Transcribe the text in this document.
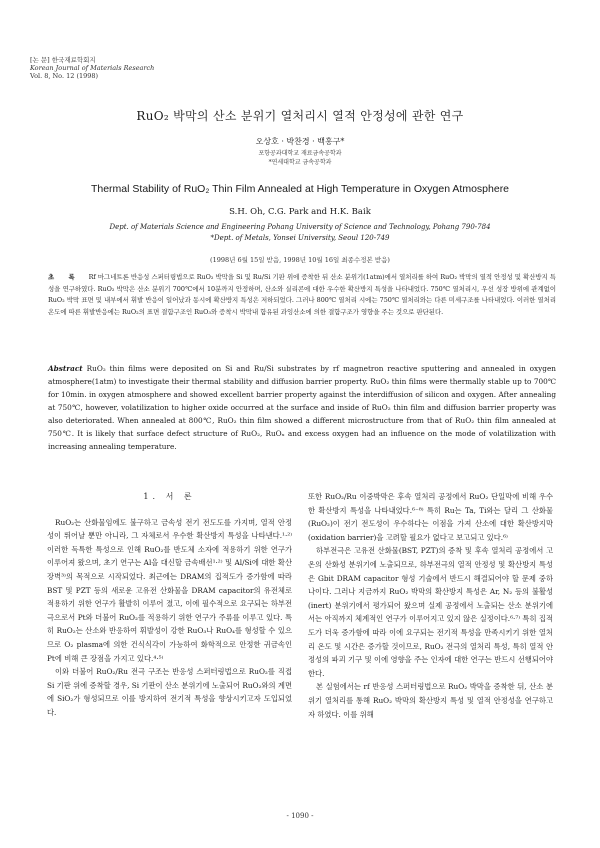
[논 문] 한국재료학회지
Korean Journal of Materials Research
Vol. 8, No. 12 (1998)
RuO₂ 박막의 산소 분위기 열처리시 열적 안정성에 관한 연구
오상호 · 박찬경 · 백홍구*
포항공과대학교 재료금속공학과
*연세대학교 금속공학과
Thermal Stability of RuO₂ Thin Film Annealed at High Temperature in Oxygen Atmosphere
S.H. Oh, C.G. Park and H.K. Baik
Dept. of Materials Science and Engineering Pohang University of Science and Technology, Pohang 790-784
*Dept. of Metals, Yonsei University, Seoul 120-749
(1998년 6월 15일 받음, 1998년 10월 16일 최종수정본 받음)
초 록 Rf 마그네트론 반응성 스퍼터링법으로 RuO₂ 박막을 Si 및 Ru/Si 기판 위에 증착한 뒤 산소 분위기(1atm)에서 열처리를 하여 RuO₂ 박막의 열적 안정성 및 확산방지 특성을 연구하였다. RuO₂ 박막은 산소 분위기 700℃에서 10분까지 안정하며, 산소와 실리콘에 대한 우수한 확산방지 특성을 나타내었다. 750℃ 열처리시, 우선 성장 방위에 관계없이 RuO₂ 박막 표면 및 내부에서 휘발 반응이 일어났과 동시에 확산방지 특성은 저하되었다. 그러나 800℃ 열처리 시에는 750℃ 열처리와는 다른 미세구조를 나타내었다. 이러한 열처리 온도에 따른 휘발반응에는 RuO₂의 표면 결함구조인 RuO₃와 증착시 박막내 함유된 과잉산소에 의한 결함구조가 영향을 주는 것으로 판단된다.
Abstract RuO₂ thin films were deposited on Si and Ru/Si substrates by rf magnetron reactive sputtering and annealed in oxygen atmosphere(1atm) to investigate their thermal stability and diffusion barrier property. RuO₂ thin films were thermally stable up to 700℃ for 10min. in oxygen atmosphere and showed excellent barrier property against the interdiffusion of silicon and oxygen. After annealing at 750℃, however, volatilization to higher oxide occurred at the surface and inside of RuO₂ thin film and diffusion barrier property was also deteriorated. When annealed at 800℃, RuO₂ thin film showed a different microstructure from that of RuO₂ thin film annealed at 750℃. It is likely that surface defect structure of RuO₂, RuOₓ and excess oxygen had an influence on the mode of volatilization with increasing annealing temperature.
1. 서 론

RuO₂는 산화물임에도 불구하고 금속성 전기 전도도를 가지며, 열적 안정성이 뛰어날 뿐만 아니라, 그 자체로서 우수한 확산방지 특성을 나타낸다.¹·²⁾ 이러한 독특한 특성으로 인해 RuO₂를 반도체 소자에 적용하기 위한 연구가 이루어져 왔으며, 초기 연구는 Al을 대신할 금속배선¹·²⁾ 및 Al/Si에 대한 확산장벽³⁾의 목적으로 시작되었다. 최근에는 DRAM의 집적도가 증가함에 따라 BST 및 PZT 등의 새로운 고유전 산화물을 DRAM capacitor의 유전체로 적용하기 위한 연구가 활발히 이루어 졌고, 이에 필수적으로 요구되는 하부전극으로서 Pt와 더불어 RuO₂를 적용하기 위한 연구가 주류를 이루고 있다. 특히 RuO₂는 산소와 반응하여 휘발성이 강한 RuO₃나 RuO₄를 형성할 수 있으므로 O₂ plasma에 의한 건식식각이 가능하여 화학적으로 안정한 귀금속인 Pt에 비해 큰 장점을 가지고 있다.⁴·⁵⁾

이와 더불어 RuO₂/Ru 전극 구조는 반응성 스퍼터링법으로 RuO₂를 직접 Si 기판 위에 증착할 경우, Si 기판이 산소 분위기에 노출되어 RuO₂와의 계면에 SiO₂가 형성되므로 이를 방지하여 전기적 특성을 향상시키고자 도입되었다.

또한 RuO₂/Ru 이중박막은 후속 열처리 공정에서 RuO₂ 단일막에 비해 우수한 확산방지 특성을 나타내었다.⁶⁻⁸⁾ 특히 Ru는 Ta, Ti와는 달리 그 산화물(RuO₂)이 전기 전도성이 우수하다는 이점을 가져 산소에 대한 확산방지막(oxidation barrier)을 고려할 필요가 없다고 보고되고 있다.⁶⁾

하부전극은 고유전 산화물(BST, PZT)의 증착 및 후속 열처리 공정에서 고온의 산화성 분위기에 노출되므로, 하부전극의 열적 안정성 및 확산방지 특성은 Gbit DRAM capacitor 형성 기술에서 반드시 해결되어야 할 문제 중하나이다. 그러나 지금까지 RuO₂ 박막의 확산방지 특성은 Ar, N₂ 등의 불활성(inert) 분위기에서 평가되어 왔으며 실제 공정에서 노출되는 산소 분위기에서는 아직까지 체계적인 연구가 이루어지고 있지 않은 실정이다.⁶·⁷⁾ 특히 집적도가 더욱 증가함에 따라 이에 요구되는 전기적 특성을 만족시키기 위한 열처리 온도 및 시간은 증가할 것이므로, RuO₂ 전극의 열처리 특성, 특히 열적 안정성의 파괴 기구 및 이에 영향을 주는 인자에 대한 연구는 반드시 선행되어야 한다.

본 실험에서는 rf 반응성 스퍼터링법으로 RuO₂ 박막을 증착한 뒤, 산소 분위기 열처리를 통해 RuO₂ 박막의 확산방지 특성 및 열적 안정성을 연구하고자 하였다. 이를 위해

- 1090 -
